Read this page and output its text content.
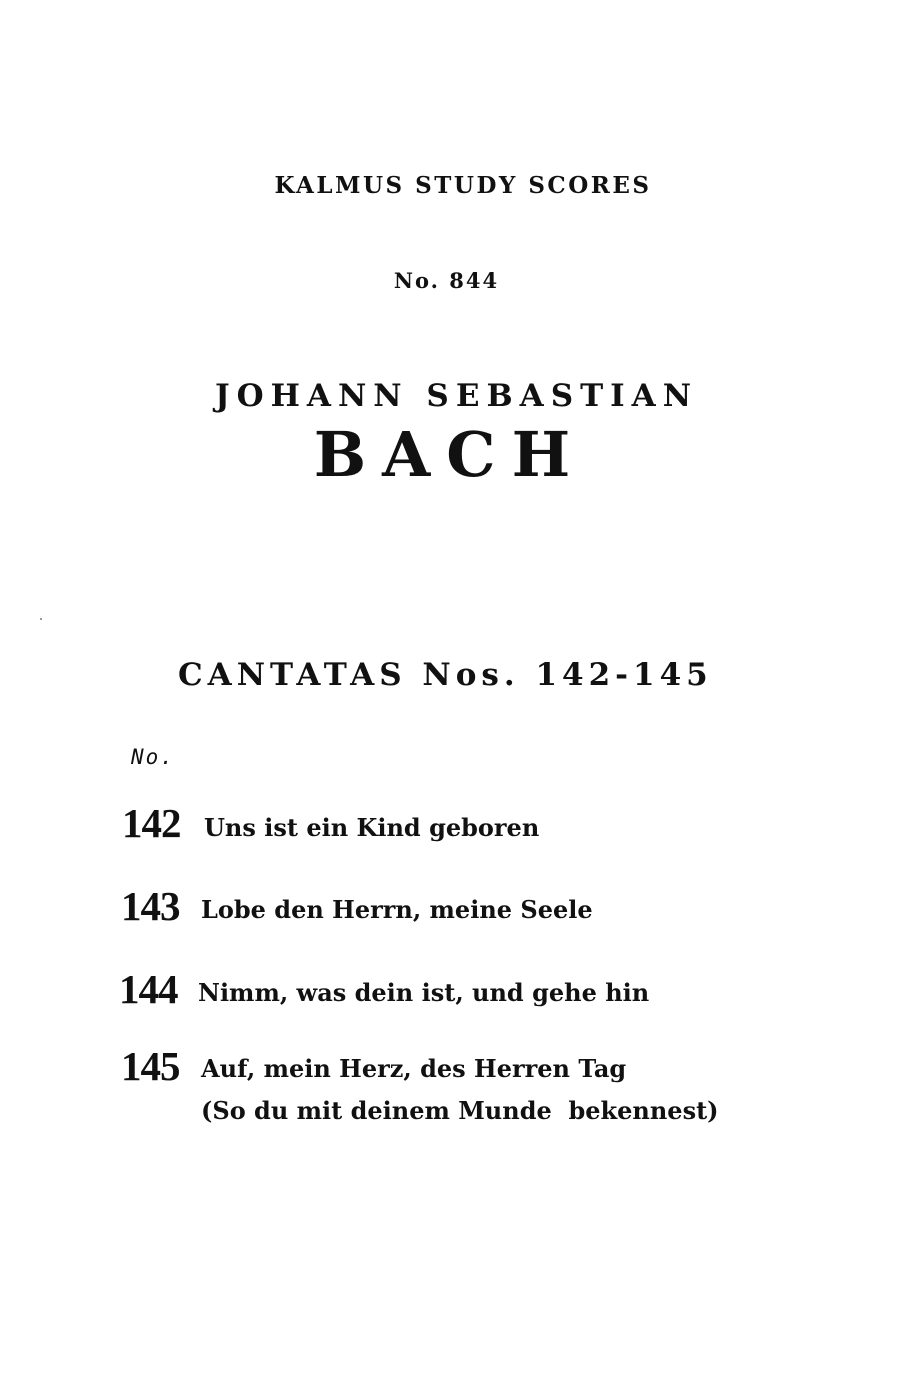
KALMUS STUDY SCORES
No. 844
JOHANN SEBASTIAN
BACH
CANTATAS Nos. 142-145
No.
142 Uns ist ein Kind geboren
143 Lobe den Herrn, meine Seele
144 Nimm, was dein ist, und gehe hin
145 Auf, mein Herz, des Herren Tag
(So du mit deinem Munde  bekennest)
